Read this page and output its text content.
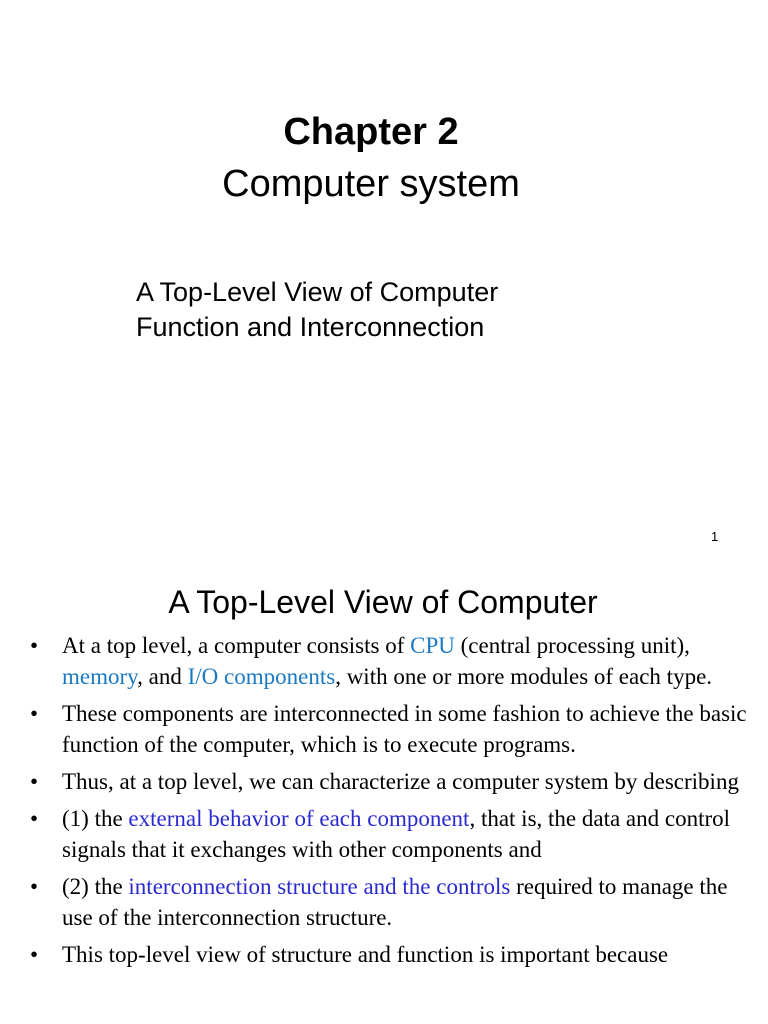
Chapter 2
Computer system
A Top-Level View of Computer
Function and Interconnection
1
A Top-Level View of Computer
• At a top level, a computer consists of CPU (central processing unit), memory, and I/O components, with one or more modules of each type.
• These components are interconnected in some fashion to achieve the basic function of the computer, which is to execute programs.
• Thus, at a top level, we can characterize a computer system by describing
• (1) the external behavior of each component, that is, the data and control signals that it exchanges with other components and
• (2) the interconnection structure and the controls required to manage the use of the interconnection structure.
• This top-level view of structure and function is important because
